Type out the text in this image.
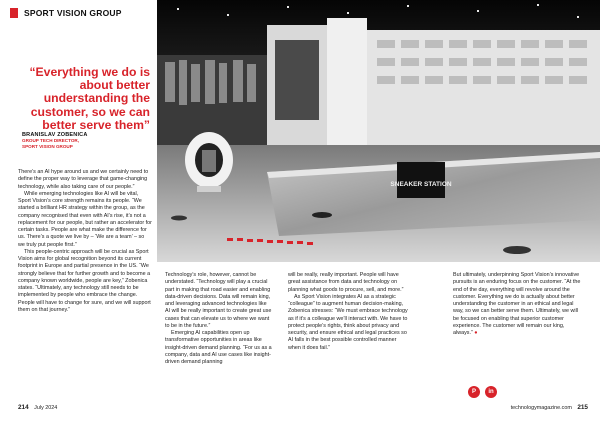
SPORT VISION GROUP
SNEAKER STATION
“Everything we do is about better understanding the customer, so we can better serve them”
BRANISLAV ZOBENICA
GROUP TECH DIRECTOR,
SPORT VISION GROUP

There’s an AI hype around us and we certainly need to define the proper way to leverage that game-changing technology, while also taking care of our people.”

While emerging technologies like AI will be vital, Sport Vision’s core strength remains its people. “We started a brilliant HR strategy within the group, as the company recognised that even with AI’s rise, it’s not a replacement for our people, but rather an accelerator for certain tasks. People are what make the difference for us. There’s a quote we live by – ‘We are a team’ – so we truly put people first.”

This people-centric approach will be crucial as Sport Vision aims for global recognition beyond its current footprint in Europe and partial presence in the US. “We strongly believe that for further growth and to become a company known worldwide, people are key,” Zobenica states. “Ultimately, any technology still needs to be implemented by people who embrace the change. People will have to change for sure, and we will support them on that journey.”

Technology’s role, however, cannot be understated. “Technology will play a crucial part in making that road easier and enabling data-driven decisions. Data will remain king, and leveraging advanced technologies like AI will be really important to create great use cases that can elevate us to where we want to be in the future.”

Emerging AI capabilities open up transformative opportunities in areas like insight-driven demand planning. “For us as a company, data and AI use cases like insight-driven demand planning

will be really, really important. People will have great assistance from data and technology on planning what goods to procure, sell, and more.”

As Sport Vision integrates AI as a strategic “colleague” to augment human decision-making, Zobenica stresses: “We must embrace technology as if it’s a colleague we’ll interact with. We have to protect people’s rights, think about privacy and security, and ensure ethical and legal practices so AI falls in the best possible controlled manner when it does fail.”

But ultimately, underpinning Sport Vision’s innovative pursuits is an enduring focus on the customer. “At the end of the day, everything will revolve around the customer. Everything we do is actually about better understanding the customer in an ethical and legal way, so we can better serve them. Ultimately, we will be focused on enabling that superior customer experience. The customer will remain our king, always.” ●

P	in
214 July 2024	technologymagazine.com 215
